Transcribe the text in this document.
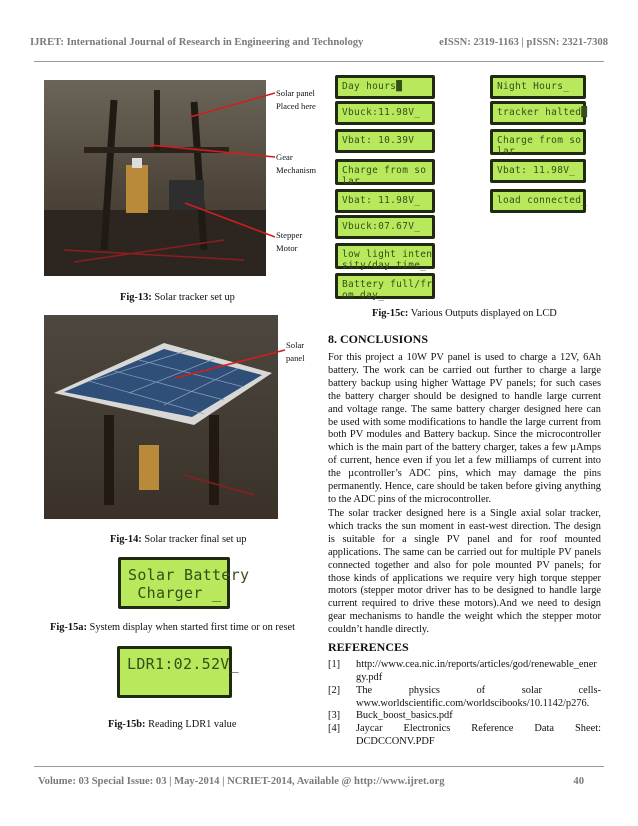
IJRET: International Journal of Research in Engineering and Technology	eISSN: 2319-1163 | pISSN: 2321-7308
Solar panel
Placed here
Gear
Mechanism
Stepper
Motor
Fig-13: Solar tracker set up
Solar
panel
Fig-14: Solar tracker final set up
Solar Battery
Charger _
Fig-15a: System display when started first time or on reset
LDR1:02.52V_
Fig-15b: Reading LDR1 value
Day hours█
Vbuck:11.98V_
Vbat: 10.39V
Charge from so
lar
Vbat: 11.98V_
Vbuck:07.67V_
low light inten
sity/day time_
Battery full/fr
om day_
Night Hours_
tracker halted█
Charge from so
lar
Vbat: 11.98V_
load connected_
Fig-15c: Various Outputs displayed on LCD
8. CONCLUSIONS

For this project a 10W PV panel is used to charge a 12V, 6Ah battery. The work can be carried out further to charge a large battery backup using higher Wattage PV panels; for such cases the battery charger should be designed to handle large current and voltage range. The same battery charger designed here can be used with some modifications to handle the large current from both PV modules and Battery backup. Since the microcontroller which is the main part of the battery charger, takes a few µAmps of current, hence even if you let a few milliamps of current into the µcontroller’s ADC pins, which may damage the pins permanently. Hence, care should be taken before giving anything to the ADC pins of the microcontroller.

The solar tracker designed here is a Single axial solar tracker, which tracks the sun moment in east-west direction. The design is suitable for a single PV panel and for roof mounted applications. The same can be carried out for multiple PV panels connected together and also for pole mounted PV panels; for those kinds of applications we require very high torque stepper motors (stepper motor driver has to be designed to handle large current required to drive these motors).And we need to design gear mechanisms to handle the weight which the stepper motor couldn’t handle directly.

REFERENCES
[1] http://www.cea.nic.in/reports/articles/god/renewable_energy.pdf
[2] The physics of solar cells-www.worldscientific.com/worldscibooks/10.1142/p276.
[3] Buck_boost_basics.pdf
[4] Jaycar Electronics Reference Data Sheet: DCDCCONV.PDF
Volume: 03 Special Issue: 03 | May-2014 | NCRIET-2014, Available @ http://www.ijret.org	40
